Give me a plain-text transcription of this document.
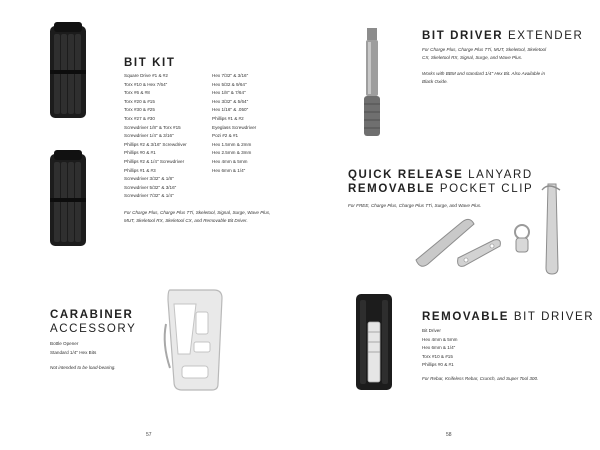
BIT KIT
Square Drive #1 & #2
Torx #10 & Hex 7/64"
Torx #6 & #8
Torx #20 & #15
Torx #30 & #25
Torx #27 & #30
Screwdriver 1/8" & Torx #15
Screwdriver 1/4" & 3/16"
Phillips #2 & 3/16" Screwdriver
Phillips #0 & #1
Phillips #2 & 1/4" Screwdriver
Phillips #1 & #3
Screwdriver 3/32" & 1/8"
Screwdriver 5/32" & 3/16"
Screwdriver 7/32" & 1/4"
Hex 7/32" & 3/16"
Hex 5/32 & 9/64"
Hex 1/8" & 7/64"
Hex 3/32" & 5/64"
Hex 1/16" & .050"
Phillips #1 & #2
Eyeglass Screwdriver
Pozi #2 & #1
Hex 1.5mm & 2mm
Hex 2.5mm & 3mm
Hex 4mm & 5mm
Hex 6mm & 1/4"
For Charge Plus, Charge Plus TTi, Skeletool, Signal, Surge, Wave Plus, MUT, Skeletool RX, Skeletool CX, and Removable Bit Driver.
CARABINER
ACCESSORY
Bottle Opener
Standard 1/4" Hex Bits
Not intended to be load-bearing.
57
BIT DRIVER EXTENDER
For Charge Plus, Charge Plus TTi, MUT, Skeletool, Skeletool CX, Skeletool RX, Signal, Surge, and Wave Plus.
Works with BBM and standard 1/4" Hex Bit. Also Available in Black Oxide.
QUICK RELEASE LANYARD
REMOVABLE POCKET CLIP
For FREE, Charge Plus, Charge Plus TTi, Surge, and Wave Plus.
REMOVABLE BIT DRIVER
Bit Driver
Hex 4mm & 5mm
Hex 6mm & 1/4"
Torx #10 & #15
Phillips #0 & #1
For Rebar, Knifeless Rebar, Crunch, and Super Tool 300.
58
